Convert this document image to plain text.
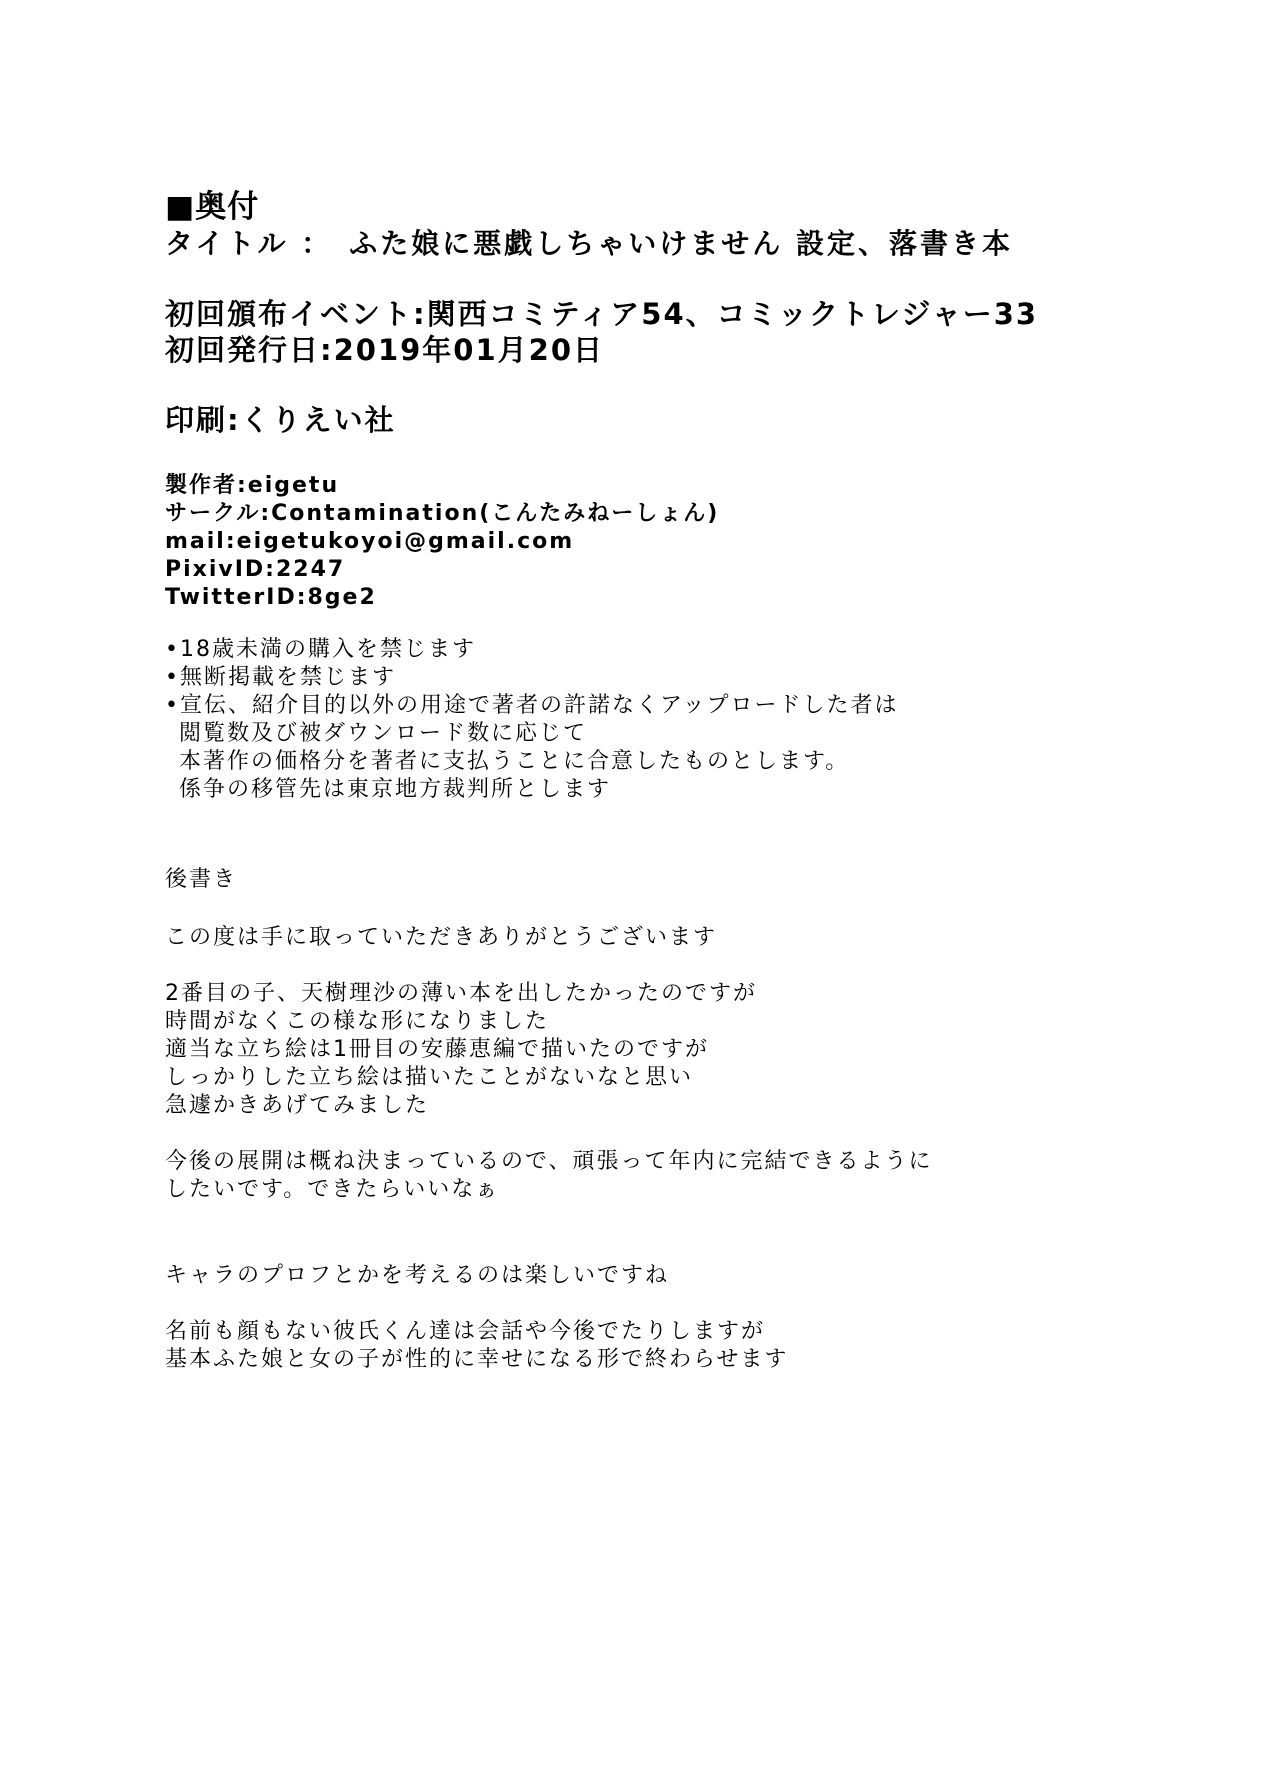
■奥付
タイトル ：　ふた娘に悪戯しちゃいけません 設定、落書き本
初回頒布イベント:関西コミティア54、コミックトレジャー33
初回発行日:2019年01月20日
印刷:くりえい社
製作者:eigetu
サークル:Contamination(こんたみねーしょん)
mail:eigetukoyoi@gmail.com
PixivID:2247
TwitterID:8ge2
•18歳未満の購入を禁じます
•無断掲載を禁じます
•宣伝、紹介目的以外の用途で著者の許諾なくアップロードした者は
閲覧数及び被ダウンロード数に応じて
本著作の価格分を著者に支払うことに合意したものとします。
係争の移管先は東京地方裁判所とします
後書き
この度は手に取っていただきありがとうございます
2番目の子、天樹理沙の薄い本を出したかったのですが
時間がなくこの様な形になりました
適当な立ち絵は1冊目の安藤恵編で描いたのですが
しっかりした立ち絵は描いたことがないなと思い
急遽かきあげてみました
今後の展開は概ね決まっているので、頑張って年内に完結できるように
したいです。できたらいいなぁ
キャラのプロフとかを考えるのは楽しいですね
名前も顔もない彼氏くん達は会話や今後でたりしますが
基本ふた娘と女の子が性的に幸せになる形で終わらせます
